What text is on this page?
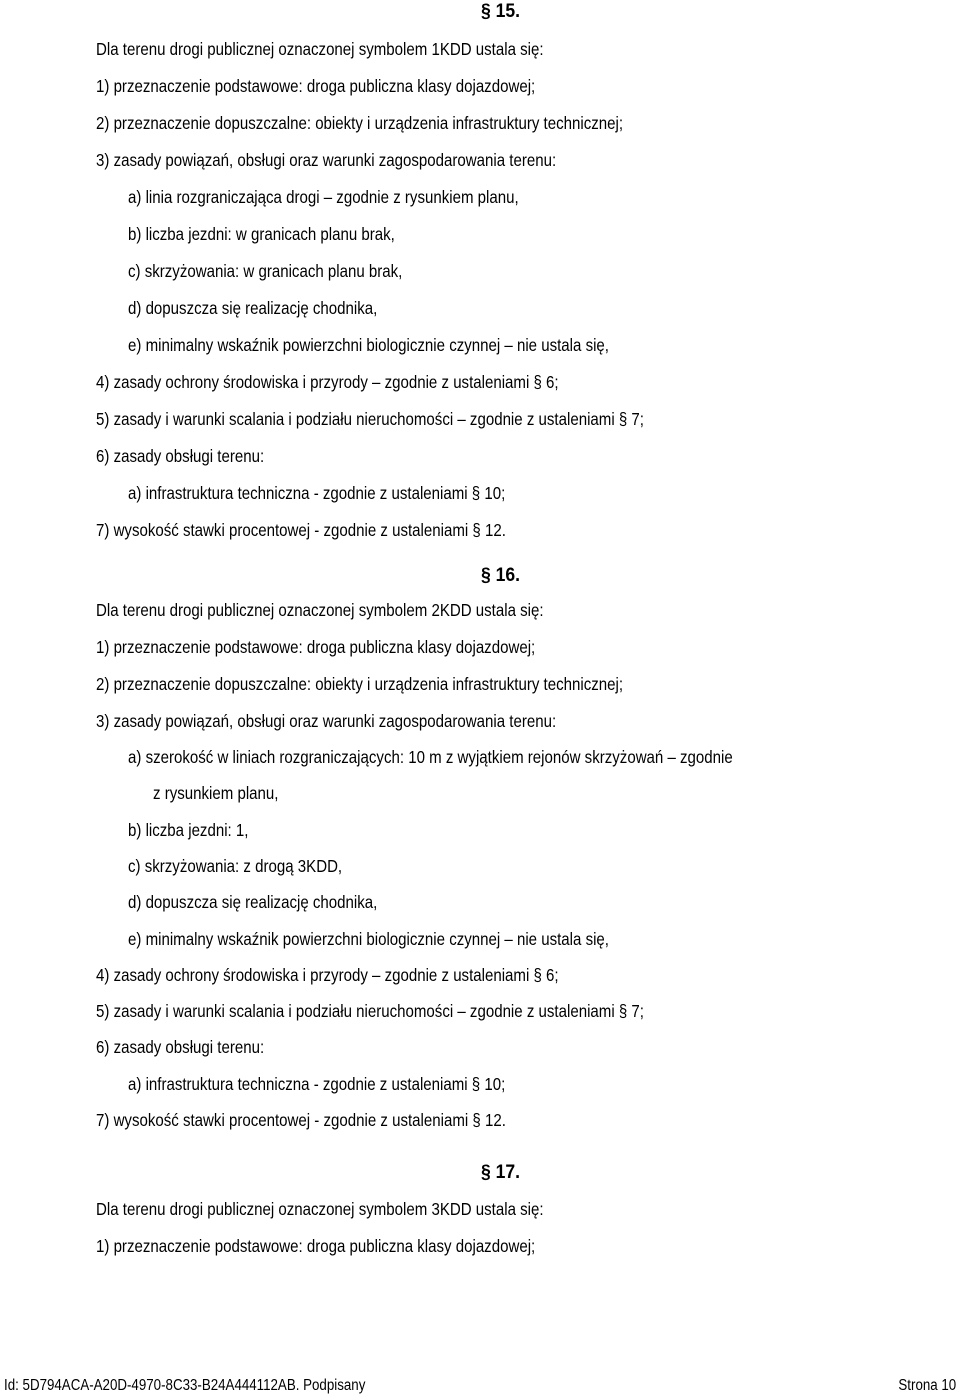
§ 15.
Dla terenu drogi publicznej oznaczonej symbolem 1KDD ustala się:
1) przeznaczenie podstawowe: droga publiczna klasy dojazdowej;
2) przeznaczenie dopuszczalne: obiekty i urządzenia infrastruktury technicznej;
3) zasady powiązań, obsługi oraz warunki zagospodarowania terenu:
a) linia rozgraniczająca drogi – zgodnie z rysunkiem planu,
b) liczba jezdni: w granicach planu brak,
c) skrzyżowania: w granicach planu brak,
d) dopuszcza się realizację chodnika,
e) minimalny wskaźnik powierzchni biologicznie czynnej – nie ustala się,
4) zasady ochrony środowiska i przyrody – zgodnie z ustaleniami § 6;
5) zasady i warunki scalania i podziału nieruchomości – zgodnie z ustaleniami § 7;
6) zasady obsługi terenu:
a) infrastruktura techniczna - zgodnie z ustaleniami § 10;
7) wysokość stawki procentowej - zgodnie z ustaleniami § 12.
§ 16.
Dla terenu drogi publicznej oznaczonej symbolem 2KDD ustala się:
1) przeznaczenie podstawowe: droga publiczna klasy dojazdowej;
2) przeznaczenie dopuszczalne: obiekty i urządzenia infrastruktury technicznej;
3) zasady powiązań, obsługi oraz warunki zagospodarowania terenu:
a) szerokość w liniach rozgraniczających: 10 m z wyjątkiem rejonów skrzyżowań – zgodnie
z rysunkiem planu,
b) liczba jezdni: 1,
c) skrzyżowania: z drogą 3KDD,
d) dopuszcza się realizację chodnika,
e) minimalny wskaźnik powierzchni biologicznie czynnej – nie ustala się,
4) zasady ochrony środowiska i przyrody – zgodnie z ustaleniami § 6;
5) zasady i warunki scalania i podziału nieruchomości – zgodnie z ustaleniami § 7;
6) zasady obsługi terenu:
a) infrastruktura techniczna - zgodnie z ustaleniami § 10;
7) wysokość stawki procentowej - zgodnie z ustaleniami § 12.
§ 17.
Dla terenu drogi publicznej oznaczonej symbolem 3KDD ustala się:
1) przeznaczenie podstawowe: droga publiczna klasy dojazdowej;
Id: 5D794ACA-A20D-4970-8C33-B24A444112AB. Podpisany	Strona 10
